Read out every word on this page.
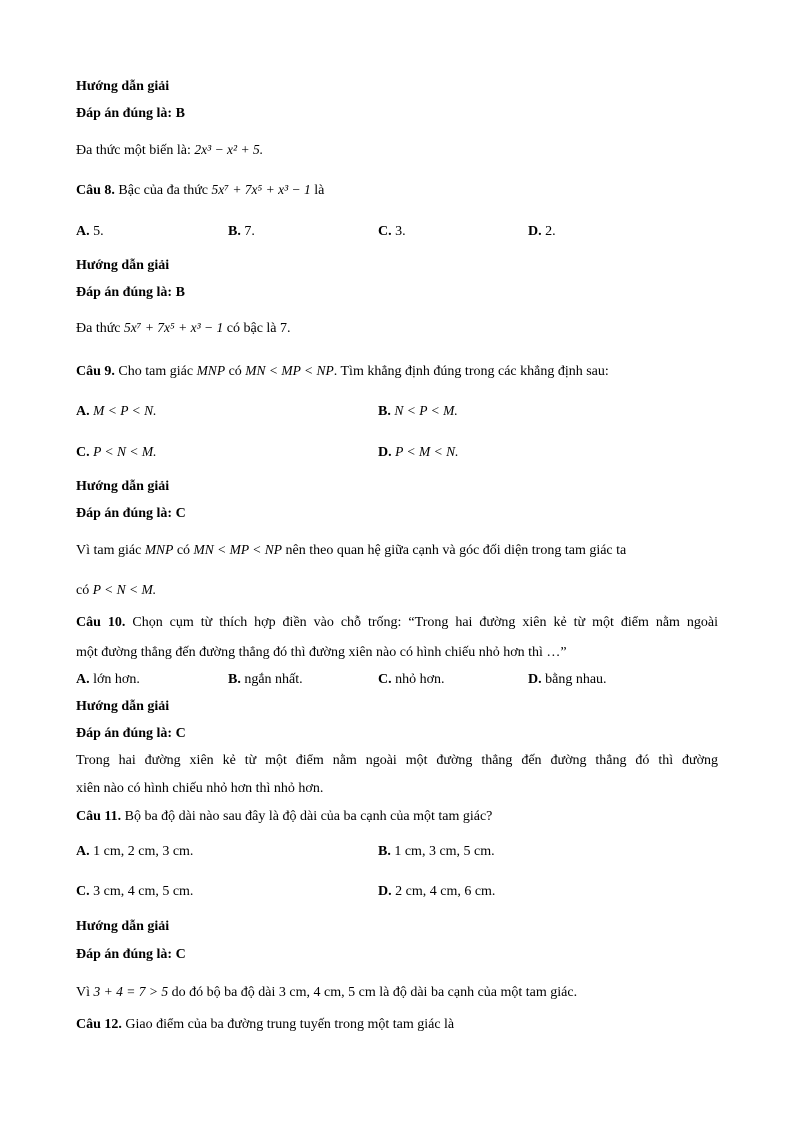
Hướng dẫn giải
Đáp án đúng là: B
Đa thức một biến là: 2x³ − x² + 5.
Câu 8. Bậc của đa thức 5x⁷ + 7x⁵ + x³ − 1 là
A. 5.	B. 7.	C. 3.	D. 2.
Hướng dẫn giải
Đáp án đúng là: B
Đa thức 5x⁷ + 7x⁵ + x³ − 1 có bậc là 7.
Câu 9. Cho tam giác MNP có MN < MP < NP. Tìm khẳng định đúng trong các khẳng định sau:
A. M < P < N.	B. N < P < M.
C. P < N < M.	D. P < M < N.
Hướng dẫn giải
Đáp án đúng là: C
Vì tam giác MNP có MN < MP < NP nên theo quan hệ giữa cạnh và góc đối diện trong tam giác ta
có P < N < M.
Câu 10. Chọn cụm từ thích hợp điền vào chỗ trống: “Trong hai đường xiên kẻ từ một điểm nằm ngoài
một đường thẳng đến đường thẳng đó thì đường xiên nào có hình chiếu nhỏ hơn thì …”
A. lớn hơn.	B. ngắn nhất.	C. nhỏ hơn.	D. bằng nhau.
Hướng dẫn giải
Đáp án đúng là: C
Trong hai đường xiên kẻ từ một điểm nằm ngoài một đường thẳng đến đường thẳng đó thì đường
xiên nào có hình chiếu nhỏ hơn thì nhỏ hơn.
Câu 11. Bộ ba độ dài nào sau đây là độ dài của ba cạnh của một tam giác?
A. 1 cm, 2 cm, 3 cm.	B. 1 cm, 3 cm, 5 cm.
C. 3 cm, 4 cm, 5 cm.	D. 2 cm, 4 cm, 6 cm.
Hướng dẫn giải
Đáp án đúng là: C
Vì 3 + 4 = 7 > 5 do đó bộ ba độ dài 3 cm, 4 cm, 5 cm là độ dài ba cạnh của một tam giác.
Câu 12. Giao điểm của ba đường trung tuyến trong một tam giác là
